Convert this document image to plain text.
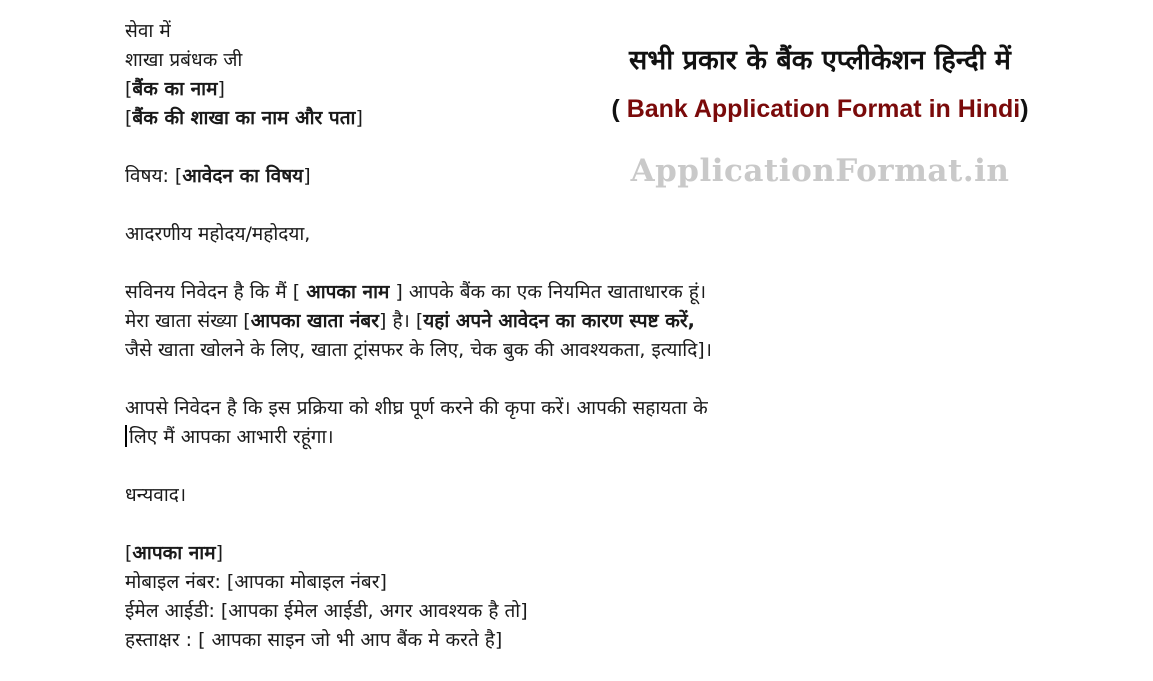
सेवा में
शाखा प्रबंधक जी
[बैंक का नाम]
[बैंक की शाखा का नाम और पता]
विषय: [आवेदन का विषय]
आदरणीय महोदय/महोदया,
सविनय निवेदन है कि मैं [ आपका नाम ] आपके बैंक का एक नियमित खाताधारक हूं।
मेरा खाता संख्या [आपका खाता नंबर] है। [यहां अपने आवेदन का कारण स्पष्ट करें,
जैसे खाता खोलने के लिए, खाता ट्रांसफर के लिए, चेक बुक की आवश्यकता, इत्यादि]।
आपसे निवेदन है कि इस प्रक्रिया को शीघ्र पूर्ण करने की कृपा करें। आपकी सहायता के
लिए मैं आपका आभारी रहूंगा।
धन्यवाद।
[आपका नाम]
मोबाइल नंबर: [आपका मोबाइल नंबर]
ईमेल आईडी: [आपका ईमेल आईडी, अगर आवश्यक है तो]
हस्ताक्षर : [ आपका साइन जो भी आप बैंक मे करते है]
सभी प्रकार के बैंक एप्लीकेशन हिन्दी में
( Bank Application Format in Hindi)
ApplicationFormat.in
